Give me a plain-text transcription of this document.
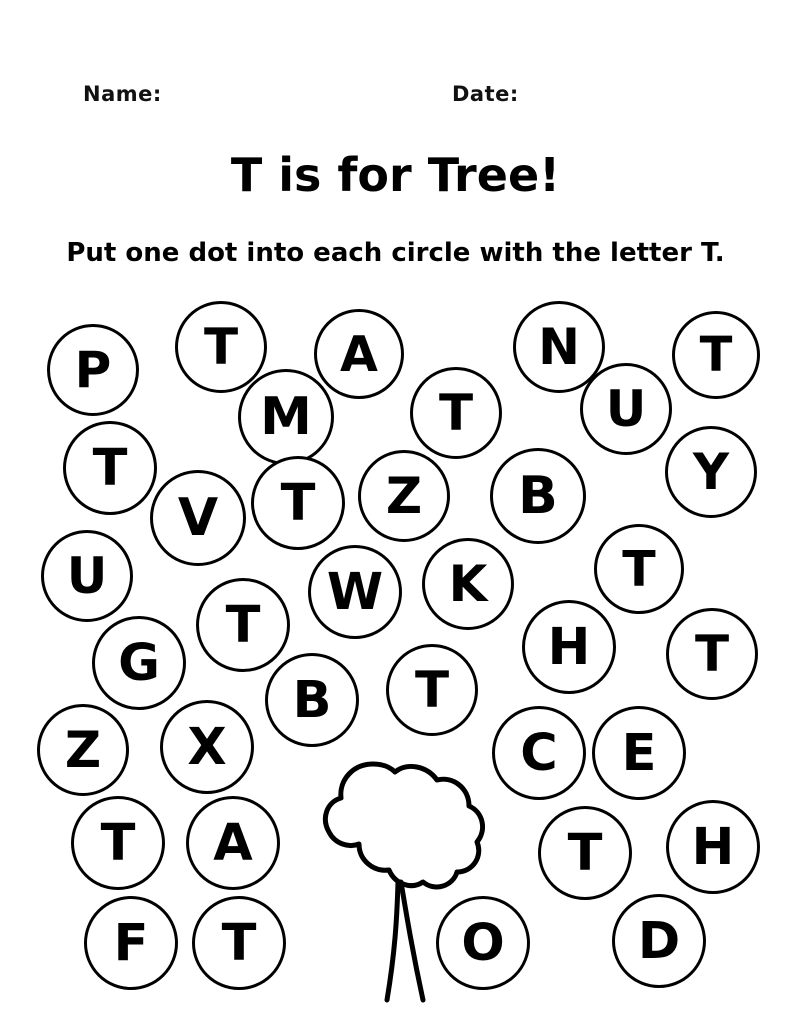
Name:	Date:
T is for Tree!
Put one dot into each circle with the letter T.
P T A	N T
M	T	U
T	Y
V T Z B
U	T
W K
T	H T
G
B T
Z X	C E
T A	T H
F T	O	D
